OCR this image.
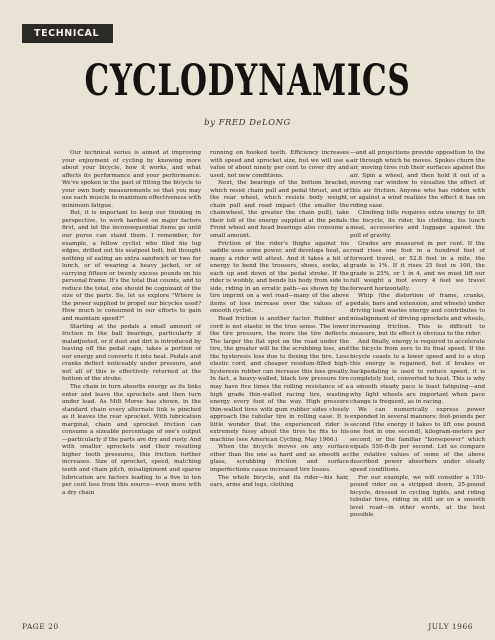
TECHNICAL
CYCLODYNAMICS
by FRED DeLONG

Our technical series is aimed at improving your enjoyment of cycling by knowing more about your bicycle, how it works, and what affects its performance and your performance. We've spoken in the past of fitting the bicycle to your own body measurements so that you may use each muscle to maximum effectiveness with minimum fatigue.

But, it is important to keep our thinking in perspective, to work hardest on major factors first, and let the inconsequential items go until our purse can stand them. I remember, for example, a fellow cyclist who filed his lug edges, drilled out his seatpost bolt, but thought nothing of eating an extra sandwich or two for lunch, or of wearing a heavy jacket, or of carrying fifteen or twenty excess pounds on his personal frame. It's the total that counts, and to reduce the total, one should be cognizant of the size of the parts. So, let us explore "Where is the power supplied to propel our bicycles used? How much is consumed in our efforts to gain and maintain speed?"

Starting at the pedals a small amount of friction in the ball bearings, particularly if maladjusted, or if dust and dirt is introduced by leaving off the pedal caps, takes a portion of our energy and converts it into heat. Pedals and cranks deflect noticeably under pressure, and not all of this is effectively returned at the bottom of the stroke.

The chain in turn absorbs energy as its links enter and leave the sprockets and then turn under load. As Milt Morse has shown, in the standard chain every alternate link is pinched as it leaves the rear sprocket. With lubrication marginal, chain and sprocket friction can consume a sizeable percentage of one's output—particularly if the parts are dry and rusty. And with smaller sprockets and their resulting higher tooth pressures, this friction further increases. Size of sprocket, speed, matching teeth and chain pitch, misalignment and sparse lubrication are factors leading to a five to ten per cent loss from this source—even more with a dry chain

running on hooked teeth. Efficiency increases with speed and sprocket size, but we will use a value of about ninety per cent to cover dry and used, not new conditions.

Next, the bearings of the bottom bracket, which resist chain pull and pedal thrust, and of the rear wheel, which resists body weight, chain pull and road impact (the smaller the chainwheel, the greater the chain pull), take their toll of the energy supplied at the pedals. Front wheel and head bearings also consume a small amount.

Friction of the rider's thighs against his saddle uses some power, and develops heat, as many a rider will attest. And it takes a bit of energy to bend the trousers, shoes, socks, at each up and down of the pedal stroke. If the rider is wobbly, and bends his body from side to side, riding in an erratic path—as shown by the tire imprint on a wet road—many of the above items of loss increase over the values of a smooth cyclist.

Road friction is another factor. Rubber and cord is not elastic in the true sense. The lower the tire pressure, the more the tire deflects. The larger the flat spot on the road under the tire, the greater will be the scrubbing loss, and the hysteresis loss due to flexing the tire. Less elastic cord, and cheaper residum-filled high-hysteresis rubber can increase this loss greatly. In fact, a heavy-walled, black low pressure tire may have five times the rolling resistance of a high grade thin-walled racing tire, wasting energy every foot of the way. High pressure thin-walled tires with gum rubber sides closely approach the tubular tire in rolling ease. It is little wonder that the experienced rider is extremely fussy about the tires he fits to his machine (see American Cycling, May 1966.)

When the bicycle moves on any surface other than the one as hard and as smooth as glass, scrubbing friction and surface imperfections cause increased tire losses.

The whole bicycle, and its rider—his hair, ears, arms and legs, clothing

—and all projections provide opposition to the air through which he moves. Spokes churn the air, moving tires rub their surfaces against the air. Spin a wheel, and then hold it out of a moving car window to visualize the effect of this air friction. Anyone who has ridden with or against a wind realizes the effect it has on riding ease.

Climbing hills requires extra energy to lift the bicycle, its rider, his clothing, his lunch meal, accessories and luggage against the pull of gravity.

Grades are measured in per cent. If the road rises one foot in a hundred feet of forward travel, or 52.8 feet in a mile, the grade is 1%. If it rises 25 feet in 100, the grade is 25%, or 1 in 4, and we must lift our full weight a foot every 4 feet we travel forward horizontally.

Whip (the distortion of frame, cranks, pedals, bars and extension, and wheels) under driving load wastes energy and contributes to misalignment of driving sprockets and wheels, increasing friction. This is difficult to measure, but its effect is obvious to the rider.

And finally, energy is required to accelerate the bicycle from zero to its final speed. If the bicycle coasts to a lower speed and to a stop this energy is regained, but if brakes or backpedaling is used to reduce speed, it is completely lost, converted to heat. This is why a smooth steady pace is least fatiguing—and why light wheels are important when pace change is frequent, as in racing.

We can numerically express power expended in several manners: foot-pounds per second (the energy it takes to lift one pound one foot in one second), kilogram-meters per second, or the familiar "horsepower" which equals 550-ft-lb per second. Let us compare the relative values of some of the above described power absorbers under steady speed conditions.

For our example, we will consider a 150-pound rider on a stripped down, 25-pound bicycle, dressed in cycling tights, and riding tubular tires, riding in still air on a smooth level road—in other words, at the best possible

PAGE 20	JULY 1966
